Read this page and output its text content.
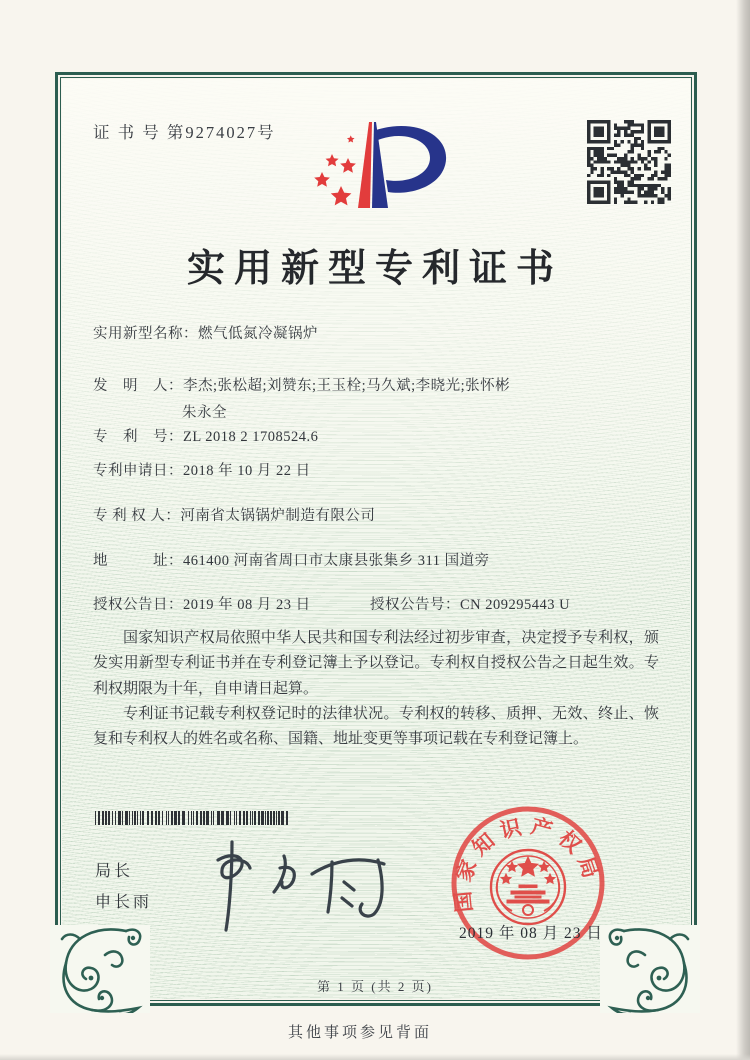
证 书 号 第9274027号
实用新型专利证书
实用新型名称：燃气低氮冷凝锅炉
发　明　人：李杰;张松超;刘赞东;王玉栓;马久斌;李晓光;张怀彬
朱永全
专　利　号：ZL 2018 2 1708524.6
专利申请日：2018 年 10 月 22 日
专 利 权 人：河南省太锅锅炉制造有限公司
地　　　址：461400 河南省周口市太康县张集乡 311 国道旁
授权公告日：2019 年 08 月 23 日	授权公告号：CN 209295443 U

国家知识产权局依照中华人民共和国专利法经过初步审查，决定授予专利权，颁发实用新型专利证书并在专利登记簿上予以登记。专利权自授权公告之日起生效。专利权期限为十年，自申请日起算。

专利证书记载专利权登记时的法律状况。专利权的转移、质押、无效、终止、恢复和专利权人的姓名或名称、国籍、地址变更等事项记载在专利登记簿上。

局长
申长雨	国家知识产权局
2019 年 08 月 23 日
第 1 页 (共 2 页)
其他事项参见背面
